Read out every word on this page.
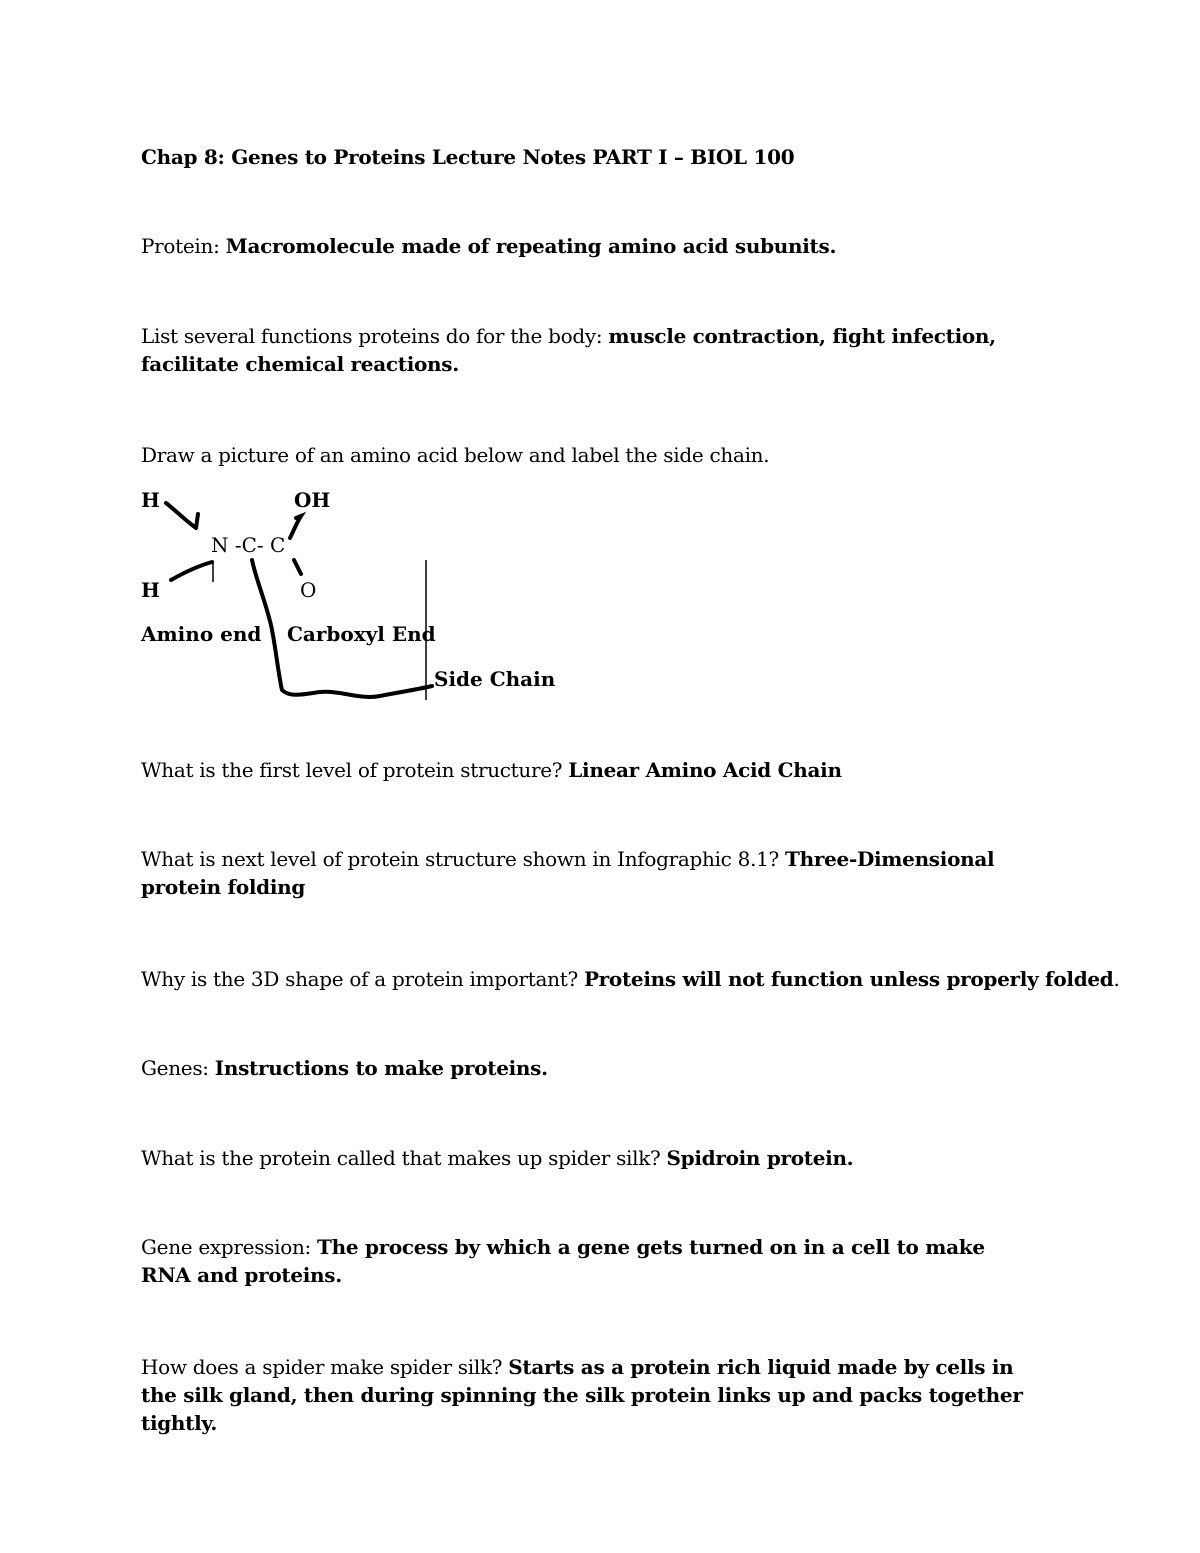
Chap 8: Genes to Proteins Lecture Notes PART I – BIOL 100
Protein: Macromolecule made of repeating amino acid subunits.
List several functions proteins do for the body: muscle contraction, fight infection, facilitate chemical reactions.
Draw a picture of an amino acid below and label the side chain.
H	OH
N -C- C
H	O
Amino end Carboxyl End
Side Chain
What is the first level of protein structure? Linear Amino Acid Chain
What is next level of protein structure shown in Infographic 8.1? Three-Dimensional protein folding
Why is the 3D shape of a protein important? Proteins will not function unless properly folded.
Genes: Instructions to make proteins.
What is the protein called that makes up spider silk? Spidroin protein.
Gene expression: The process by which a gene gets turned on in a cell to make RNA and proteins.
How does a spider make spider silk? Starts as a protein rich liquid made by cells in the silk gland, then during spinning the silk protein links up and packs together tightly.
